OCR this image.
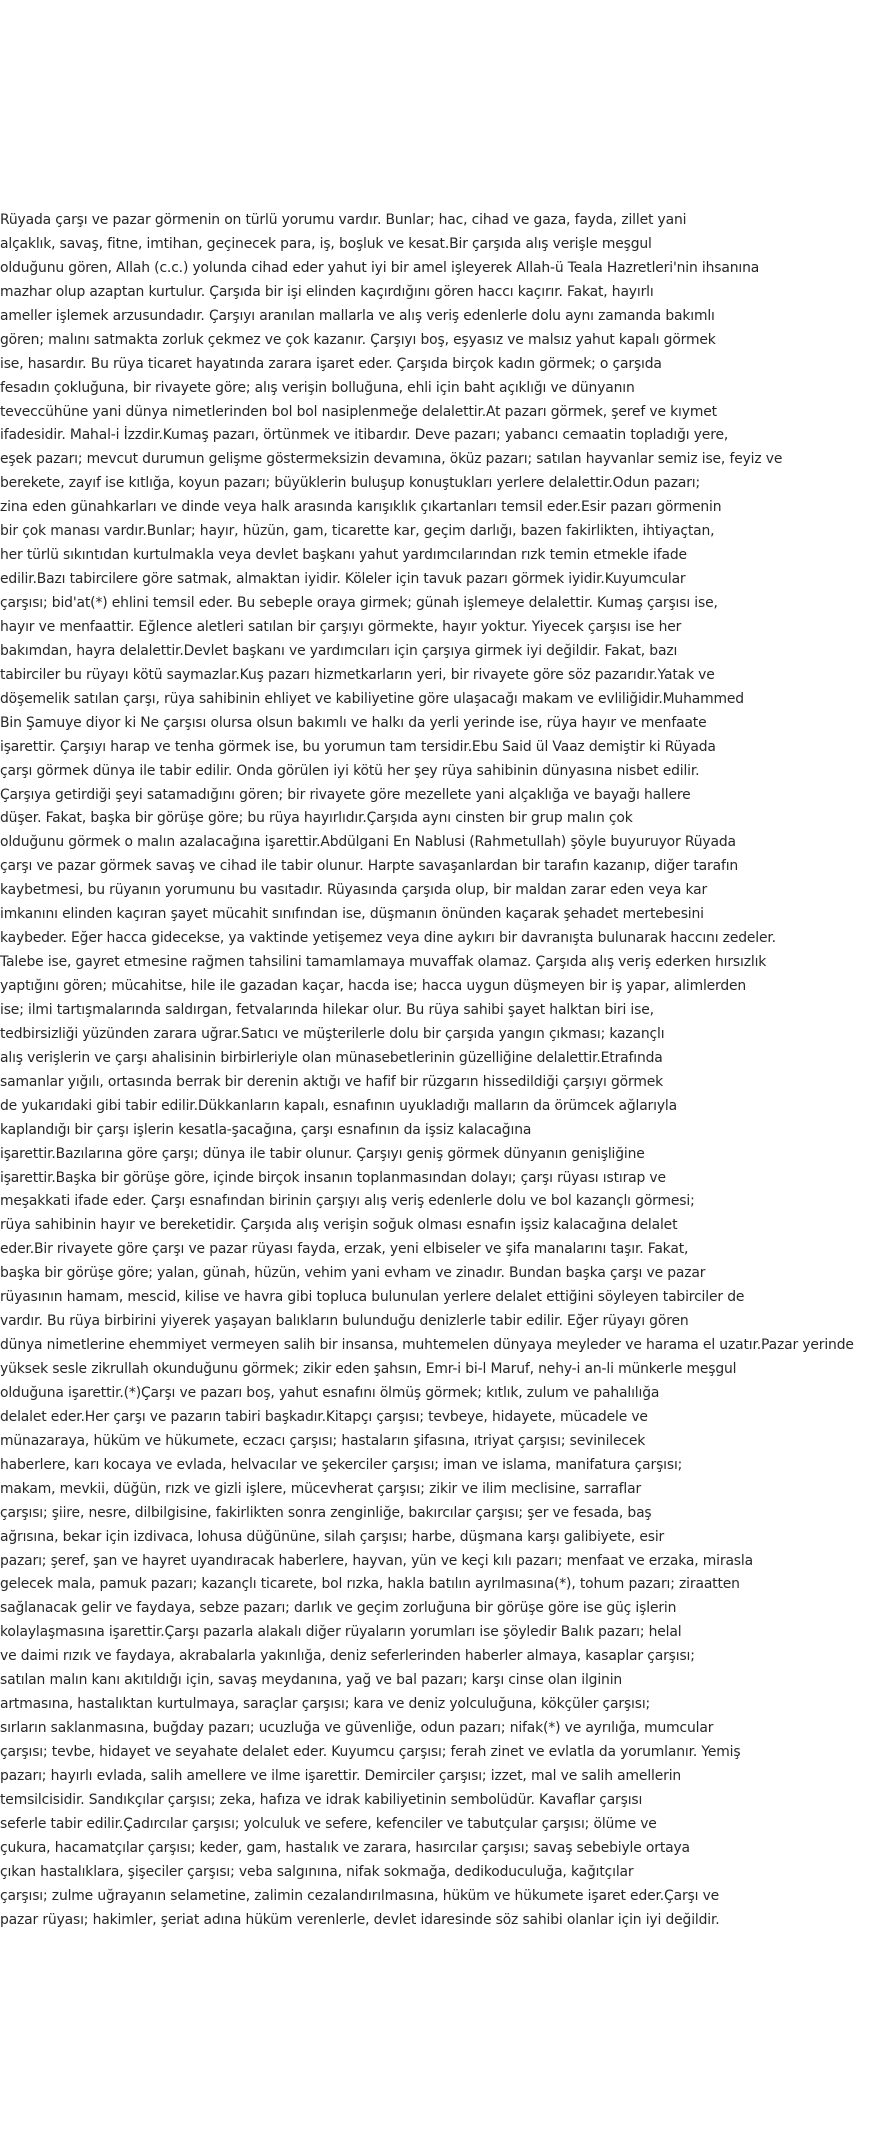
Rüyada çarşı ve pazar görmenin on türlü yorumu vardır. Bunlar; hac, cihad ve gaza, fayda, zillet yani
alçaklık, savaş, fitne, imtihan, geçinecek para, iş, boşluk ve kesat.Bir çarşıda alış verişle meşgul
olduğunu gören, Allah (c.c.) yolunda cihad eder yahut iyi bir amel işleyerek Allah-ü Teala Hazretleri'nin ihsanına
mazhar olup azaptan kurtulur. Çarşıda bir işi elinden kaçırdığını gören haccı kaçırır. Fakat, hayırlı
ameller işlemek arzusundadır. Çarşıyı aranılan mallarla ve alış veriş edenlerle dolu aynı zamanda bakımlı
gören; malını satmakta zorluk çekmez ve çok kazanır. Çarşıyı boş, eşyasız ve malsız yahut kapalı görmek
ise, hasardır. Bu rüya ticaret hayatında zarara işaret eder. Çarşıda birçok kadın görmek; o çarşıda
fesadın çokluğuna, bir rivayete göre; alış verişin bolluğuna, ehli için baht açıklığı ve dünyanın
teveccühüne yani dünya nimetlerinden bol bol nasiplenmeğe delalettir.At pazarı görmek, şeref ve kıymet
ifadesidir. Mahal-i İzzdir.Kumaş pazarı, örtünmek ve itibardır. Deve pazarı; yabancı cemaatin topladığı yere,
eşek pazarı; mevcut durumun gelişme göstermeksizin devamına, öküz pazarı; satılan hayvanlar semiz ise, feyiz ve
berekete, zayıf ise kıtlığa, koyun pazarı; büyüklerin buluşup konuştukları yerlere delalettir.Odun pazarı;
zina eden günahkarları ve dinde veya halk arasında karışıklık çıkartanları temsil eder.Esir pazarı görmenin
bir çok manası vardır.Bunlar; hayır, hüzün, gam, ticarette kar, geçim darlığı, bazen fakirlikten, ihtiyaçtan,
her türlü sıkıntıdan kurtulmakla veya devlet başkanı yahut yardımcılarından rızk temin etmekle ifade
edilir.Bazı tabircilere göre satmak, almaktan iyidir. Köleler için tavuk pazarı görmek iyidir.Kuyumcular
çarşısı; bid'at(*) ehlini temsil eder. Bu sebeple oraya girmek; günah işlemeye delalettir. Kumaş çarşısı ise,
hayır ve menfaattir. Eğlence aletleri satılan bir çarşıyı görmekte, hayır yoktur. Yiyecek çarşısı ise her
bakımdan, hayra delalettir.Devlet başkanı ve yardımcıları için çarşıya girmek iyi değildir. Fakat, bazı
tabirciler bu rüyayı kötü saymazlar.Kuş pazarı hizmetkarların yeri, bir rivayete göre söz pazarıdır.Yatak ve
döşemelik satılan çarşı, rüya sahibinin ehliyet ve kabiliyetine göre ulaşacağı makam ve evliliğidir.Muhammed
Bin Şamuye diyor ki Ne çarşısı olursa olsun bakımlı ve halkı da yerli yerinde ise, rüya hayır ve menfaate
işarettir. Çarşıyı harap ve tenha görmek ise, bu yorumun tam tersidir.Ebu Said ül Vaaz demiştir ki Rüyada
çarşı görmek dünya ile tabir edilir. Onda görülen iyi kötü her şey rüya sahibinin dünyasına nisbet edilir.
Çarşıya getirdiği şeyi satamadığını gören; bir rivayete göre mezellete yani alçaklığa ve bayağı hallere
düşer. Fakat, başka bir görüşe göre; bu rüya hayırlıdır.Çarşıda aynı cinsten bir grup malın çok
olduğunu görmek o malın azalacağına işarettir.Abdülgani En Nablusi (Rahmetullah) şöyle buyuruyor Rüyada
çarşı ve pazar görmek savaş ve cihad ile tabir olunur. Harpte savaşanlardan bir tarafın kazanıp, diğer tarafın
kaybetmesi, bu rüyanın yorumunu bu vasıtadır. Rüyasında çarşıda olup, bir maldan zarar eden veya kar
imkanını elinden kaçıran şayet mücahit sınıfından ise, düşmanın önünden kaçarak şehadet mertebesini
kaybeder. Eğer hacca gidecekse, ya vaktinde yetişemez veya dine aykırı bir davranışta bulunarak haccını zedeler.
Talebe ise, gayret etmesine rağmen tahsilini tamamlamaya muvaffak olamaz. Çarşıda alış veriş ederken hırsızlık
yaptığını gören; mücahitse, hile ile gazadan kaçar, hacda ise; hacca uygun düşmeyen bir iş yapar, alimlerden
ise; ilmi tartışmalarında saldırgan, fetvalarında hilekar olur. Bu rüya sahibi şayet halktan biri ise,
tedbirsizliği yüzünden zarara uğrar.Satıcı ve müşterilerle dolu bir çarşıda yangın çıkması; kazançlı
alış verişlerin ve çarşı ahalisinin birbirleriyle olan münasebetlerinin güzelliğine delalettir.Etrafında
samanlar yığılı, ortasında berrak bir derenin aktığı ve hafif bir rüzgarın hissedildiği çarşıyı görmek
de yukarıdaki gibi tabir edilir.Dükkanların kapalı, esnafının uyukladığı malların da örümcek ağlarıyla
kaplandığı bir çarşı işlerin kesatla-şacağına, çarşı esnafının da işsiz kalacağına
işarettir.Bazılarına göre çarşı; dünya ile tabir olunur. Çarşıyı geniş görmek dünyanın genişliğine
işarettir.Başka bir görüşe göre, içinde birçok insanın toplanmasından dolayı; çarşı rüyası ıstırap ve
meşakkati ifade eder. Çarşı esnafından birinin çarşıyı alış veriş edenlerle dolu ve bol kazançlı görmesi;
rüya sahibinin hayır ve bereketidir. Çarşıda alış verişin soğuk olması esnafın işsiz kalacağına delalet
eder.Bir rivayete göre çarşı ve pazar rüyası fayda, erzak, yeni elbiseler ve şifa manalarını taşır. Fakat,
başka bir görüşe göre; yalan, günah, hüzün, vehim yani evham ve zinadır. Bundan başka çarşı ve pazar
rüyasının hamam, mescid, kilise ve havra gibi topluca bulunulan yerlere delalet ettiğini söyleyen tabirciler de
vardır. Bu rüya birbirini yiyerek yaşayan balıkların bulunduğu denizlerle tabir edilir. Eğer rüyayı gören
dünya nimetlerine ehemmiyet vermeyen salih bir insansa, muhtemelen dünyaya meyleder ve harama el uzatır.Pazar yerinde
yüksek sesle zikrullah okunduğunu görmek; zikir eden şahsın, Emr-i bi-l Maruf, nehy-i an-li münkerle meşgul
olduğuna işarettir.(*)Çarşı ve pazarı boş, yahut esnafını ölmüş görmek; kıtlık, zulum ve pahalılığa
delalet eder.Her çarşı ve pazarın tabiri başkadır.Kitapçı çarşısı; tevbeye, hidayete, mücadele ve
münazaraya, hüküm ve hükumete, eczacı çarşısı; hastaların şifasına, ıtriyat çarşısı; sevinilecek
haberlere, karı kocaya ve evlada, helvacılar ve şekerciler çarşısı; iman ve islama, manifatura çarşısı;
makam, mevkii, düğün, rızk ve gizli işlere, mücevherat çarşısı; zikir ve ilim meclisine, sarraflar
çarşısı; şiire, nesre, dilbilgisine, fakirlikten sonra zenginliğe, bakırcılar çarşısı; şer ve fesada, baş
ağrısına, bekar için izdivaca, lohusa düğününe, silah çarşısı; harbe, düşmana karşı galibiyete, esir
pazarı; şeref, şan ve hayret uyandıracak haberlere, hayvan, yün ve keçi kılı pazarı; menfaat ve erzaka, mirasla
gelecek mala, pamuk pazarı; kazançlı ticarete, bol rızka, hakla batılın ayrılmasına(*), tohum pazarı; ziraatten
sağlanacak gelir ve faydaya, sebze pazarı; darlık ve geçim zorluğuna bir görüşe göre ise güç işlerin
kolaylaşmasına işarettir.Çarşı pazarla alakalı diğer rüyaların yorumları ise şöyledir Balık pazarı; helal
ve daimi rızık ve faydaya, akrabalarla yakınlığa, deniz seferlerinden haberler almaya, kasaplar çarşısı;
satılan malın kanı akıtıldığı için, savaş meydanına, yağ ve bal pazarı; karşı cinse olan ilginin
artmasına, hastalıktan kurtulmaya, saraçlar çarşısı; kara ve deniz yolculuğuna, kökçüler çarşısı;
sırların saklanmasına, buğday pazarı; ucuzluğa ve güvenliğe, odun pazarı; nifak(*) ve ayrılığa, mumcular
çarşısı; tevbe, hidayet ve seyahate delalet eder. Kuyumcu çarşısı; ferah zinet ve evlatla da yorumlanır. Yemiş
pazarı; hayırlı evlada, salih amellere ve ilme işarettir. Demirciler çarşısı; izzet, mal ve salih amellerin
temsilcisidir. Sandıkçılar çarşısı; zeka, hafıza ve idrak kabiliyetinin sembolüdür. Kavaflar çarşısı
seferle tabir edilir.Çadırcılar çarşısı; yolculuk ve sefere, kefenciler ve tabutçular çarşısı; ölüme ve
çukura, hacamatçılar çarşısı; keder, gam, hastalık ve zarara, hasırcılar çarşısı; savaş sebebiyle ortaya
çıkan hastalıklara, şişeciler çarşısı; veba salgınına, nifak sokmağa, dedikoduculuğa, kağıtçılar
çarşısı; zulme uğrayanın selametine, zalimin cezalandırılmasına, hüküm ve hükumete işaret eder.Çarşı ve
pazar rüyası; hakimler, şeriat adına hüküm verenlerle, devlet idaresinde söz sahibi olanlar için iyi değildir.
